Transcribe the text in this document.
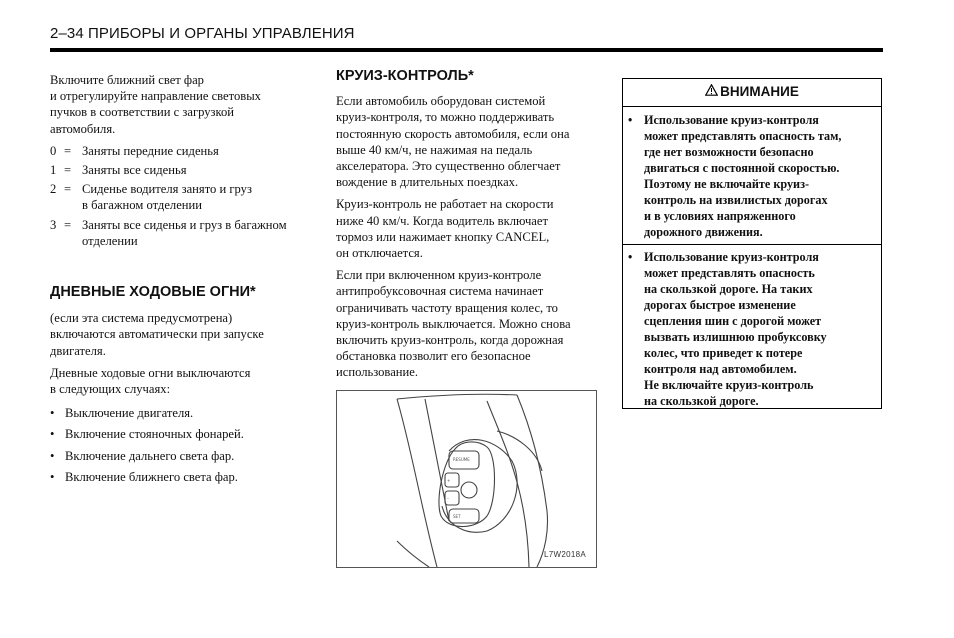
2–34 ПРИБОРЫ И ОРГАНЫ УПРАВЛЕНИЯ

Включите ближний свет фар
и отрегулируйте направление световых
пучков в соответствии с загрузкой
автомобиля.

0 = Заняты передние сиденья
1 = Заняты все сиденья
2 = Сиденье водителя занято и груз
в багажном отделении
3 = Заняты все сиденья и груз в багажном
отделении
ДНЕВНЫЕ ХОДОВЫЕ ОГНИ*

(если эта система предусмотрена)
включаются автоматически при запуске
двигателя.

Дневные ходовые огни выключаются
в следующих случаях:

• Выключение двигателя.
• Включение стояночных фонарей.
• Включение дальнего света фар.
• Включение ближнего света фар.
КРУИЗ-КОНТРОЛЬ*

Если автомобиль оборудован системой
круиз-контроля, то можно поддерживать
постоянную скорость автомобиля, если она
выше 40 км/ч, не нажимая на педаль
акселератора. Это существенно облегчает
вождение в длительных поездках.

Круиз-контроль не работает на скорости
ниже 40 км/ч. Когда водитель включает
тормоз или нажимает кнопку CANCEL,
он отключается.

Если при включенном круиз-контроле
антипробуксовочная система начинает
ограничивать частоту вращения колес, то
круиз-контроль выключается. Можно снова
включить круиз-контроль, когда дорожная
обстановка позволит его безопасное
использование.

RESUME
+
–
SET
L7W2018A
ВНИМАНИЕ
• Использование круиз-контроля
может представлять опасность там,
где нет возможности безопасно
двигаться с постоянной скоростью.
Поэтому не включайте круиз-
контроль на извилистых дорогах
и в условиях напряженного
дорожного движения.
• Использование круиз-контроля
может представлять опасность
на скользкой дороге. На таких
дорогах быстрое изменение
сцепления шин с дорогой может
вызвать излишнюю пробуксовку
колес, что приведет к потере
контроля над автомобилем.
Не включайте круиз-контроль
на скользкой дороге.
